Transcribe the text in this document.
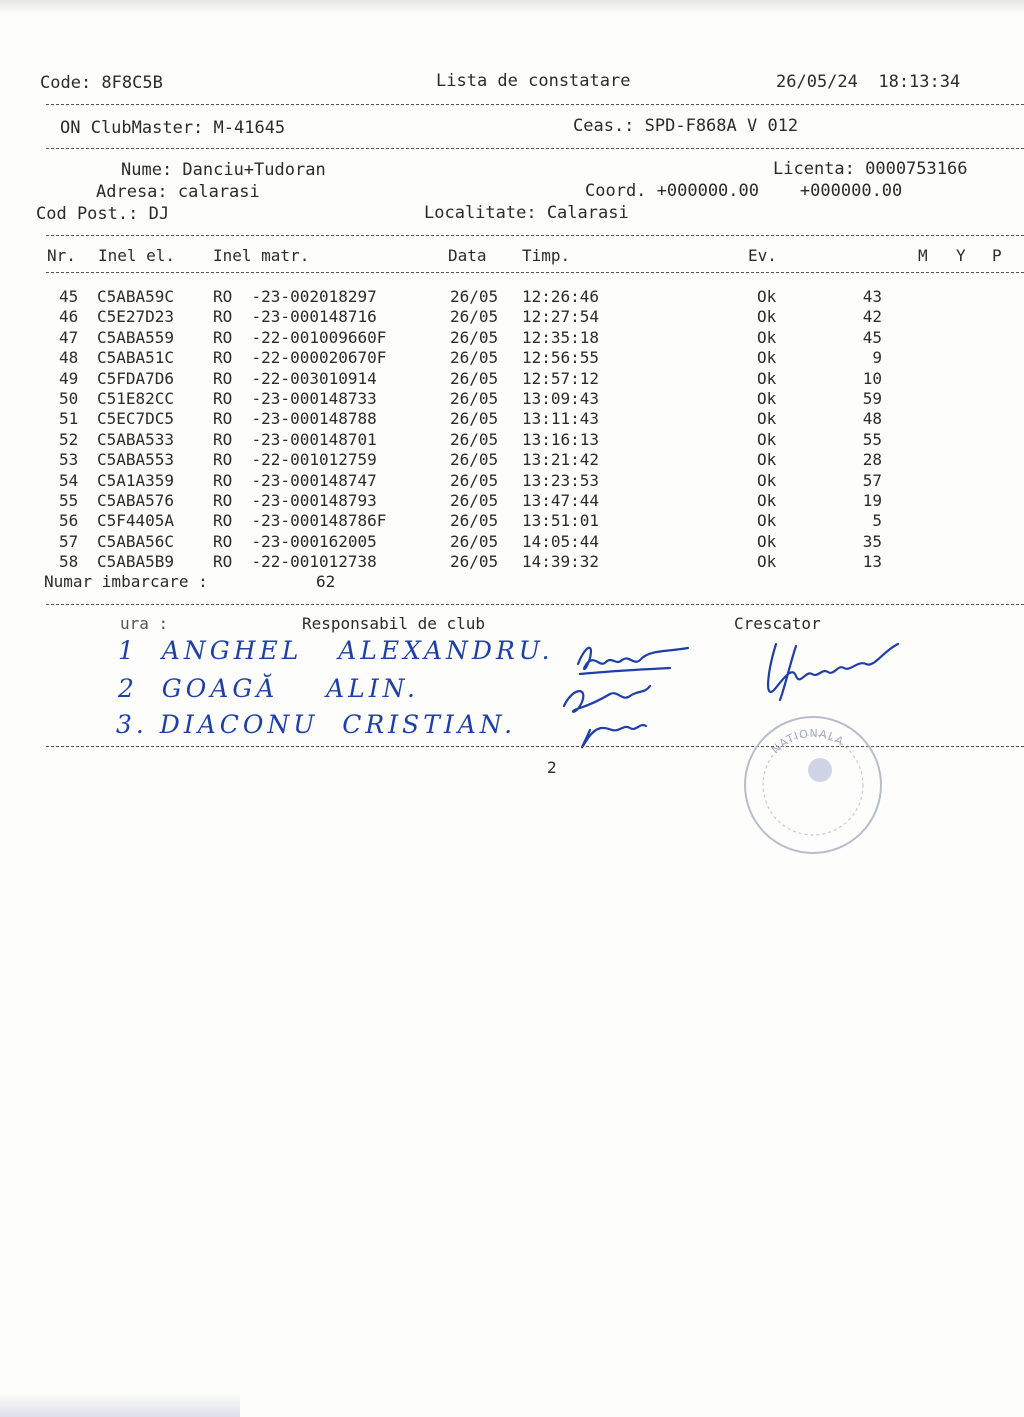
Code: 8F8C5B	Lista de constatare	26/05/24  18:13:34
ON ClubMaster: M-41645	Ceas.: SPD-F868A V 012
Nume: Danciu+Tudoran	Licenta: 0000753166
Adresa: calarasi	Coord. +000000.00    +000000.00
Cod Post.: DJ	Localitate: Calarasi
Nr. Inel el. Inel matr.	Data Timp.	Ev.	M Y P
45 C5ABA59C RO  -23-002018297	26/05 12:26:46	Ok	43
46 C5E27D23 RO  -23-000148716	26/05 12:27:54	Ok	42
47 C5ABA559 RO  -22-001009660F	26/05 12:35:18	Ok	45
48 C5ABA51C RO  -22-000020670F	26/05 12:56:55	Ok	9
49 C5FDA7D6 RO  -22-003010914	26/05 12:57:12	Ok	10
50 C51E82CC RO  -23-000148733	26/05 13:09:43	Ok	59
51 C5EC7DC5 RO  -23-000148788	26/05 13:11:43	Ok	48
52 C5ABA533 RO  -23-000148701	26/05 13:16:13	Ok	55
53 C5ABA553 RO  -22-001012759	26/05 13:21:42	Ok	28
54 C5A1A359 RO  -23-000148747	26/05 13:23:53	Ok	57
55 C5ABA576 RO  -23-000148793	26/05 13:47:44	Ok	19
56 C5F4405A RO  -23-000148786F	26/05 13:51:01	Ok	5
57 C5ABA56C RO  -23-000162005	26/05 14:05:44	Ok	35
58 C5ABA5B9 RO  -22-001012738	26/05 14:39:32	Ok	13
Numar imbarcare :	62
ura :	Responsabil de club	Crescator
1  ANGHEL   ALEXANDRU.
2  GOAGĂ    ALIN.
3. DIACONU  CRISTIAN.
2
NATIONALA
